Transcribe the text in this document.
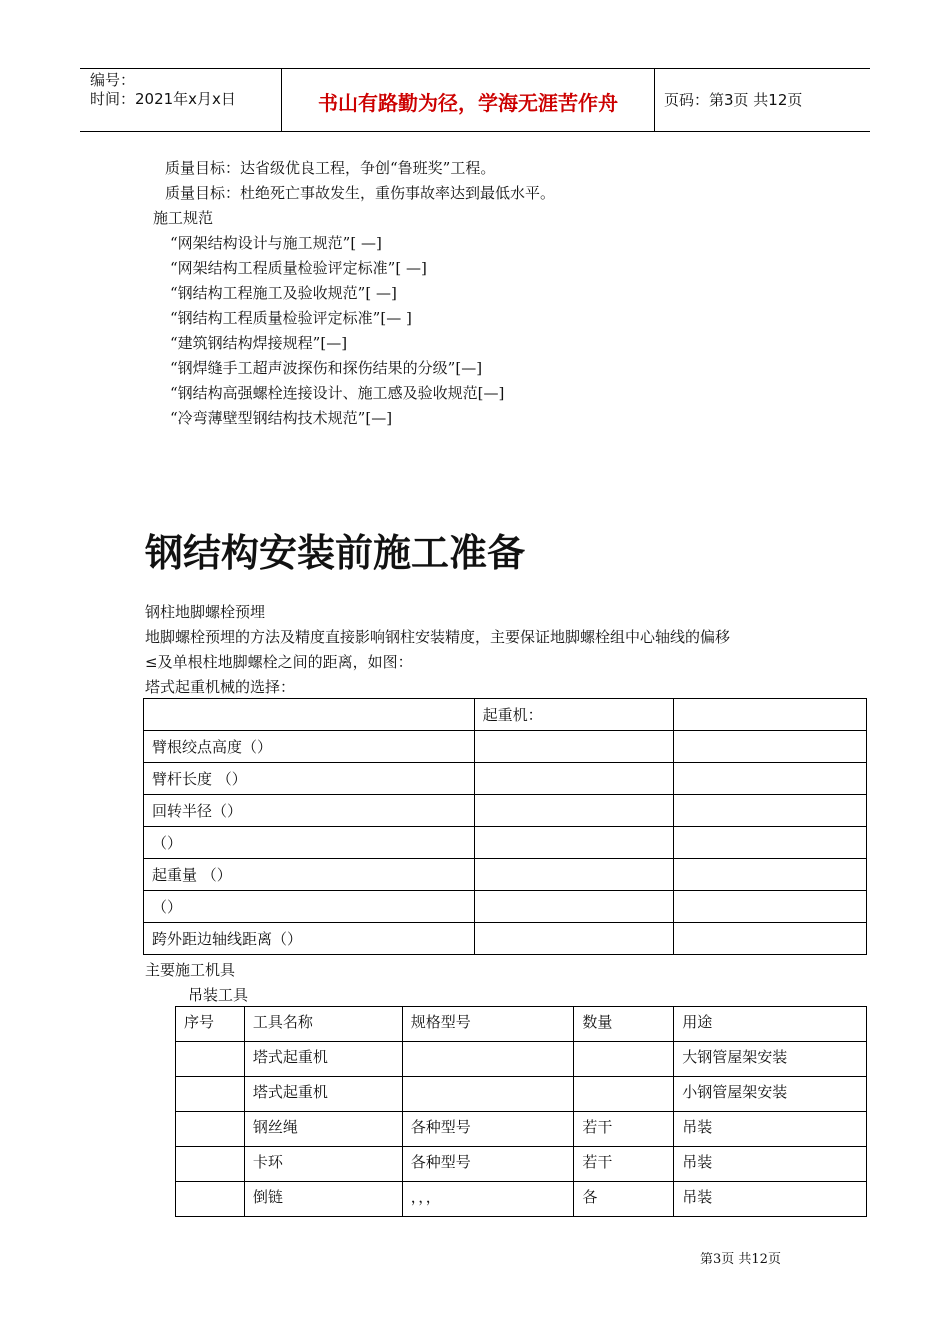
编号：
时间：2021年x月x日	书山有路勤为径，学海无涯苦作舟	页码：第3页 共12页
质量目标：达省级优良工程，争创“鲁班奖”工程。
质量目标：杜绝死亡事故发生，重伤事故率达到最低水平。
施工规范
“网架结构设计与施工规范”[ —]
“网架结构工程质量检验评定标准”[ —]
“钢结构工程施工及验收规范”[ —]
“钢结构工程质量检验评定标准”[— ]
“建筑钢结构焊接规程”[—]
“钢焊缝手工超声波探伤和探伤结果的分级”[—]
“钢结构高强螺栓连接设计、施工感及验收规范[—]
“冷弯薄壁型钢结构技术规范”[—]
钢结构安装前施工准备
钢柱地脚螺栓预埋
地脚螺栓预埋的方法及精度直接影响钢柱安装精度，主要保证地脚螺栓组中心轴线的偏移
≤及单根柱地脚螺栓之间的距离，如图：
塔式起重机械的选择：
	起重机：	
臂根绞点高度（）		
臂杆长度 （）		
回转半径（）		
（）		
起重量 （）		
（）		
跨外距边轴线距离（）		
主要施工机具
吊装工具
序号	工具名称	规格型号	数量	用途
	塔式起重机			大钢管屋架安装
	塔式起重机			小钢管屋架安装
	钢丝绳	各种型号	若干	吊装
	卡环	各种型号	若干	吊装
	倒链	，，，	各	吊装
第3页 共12页
